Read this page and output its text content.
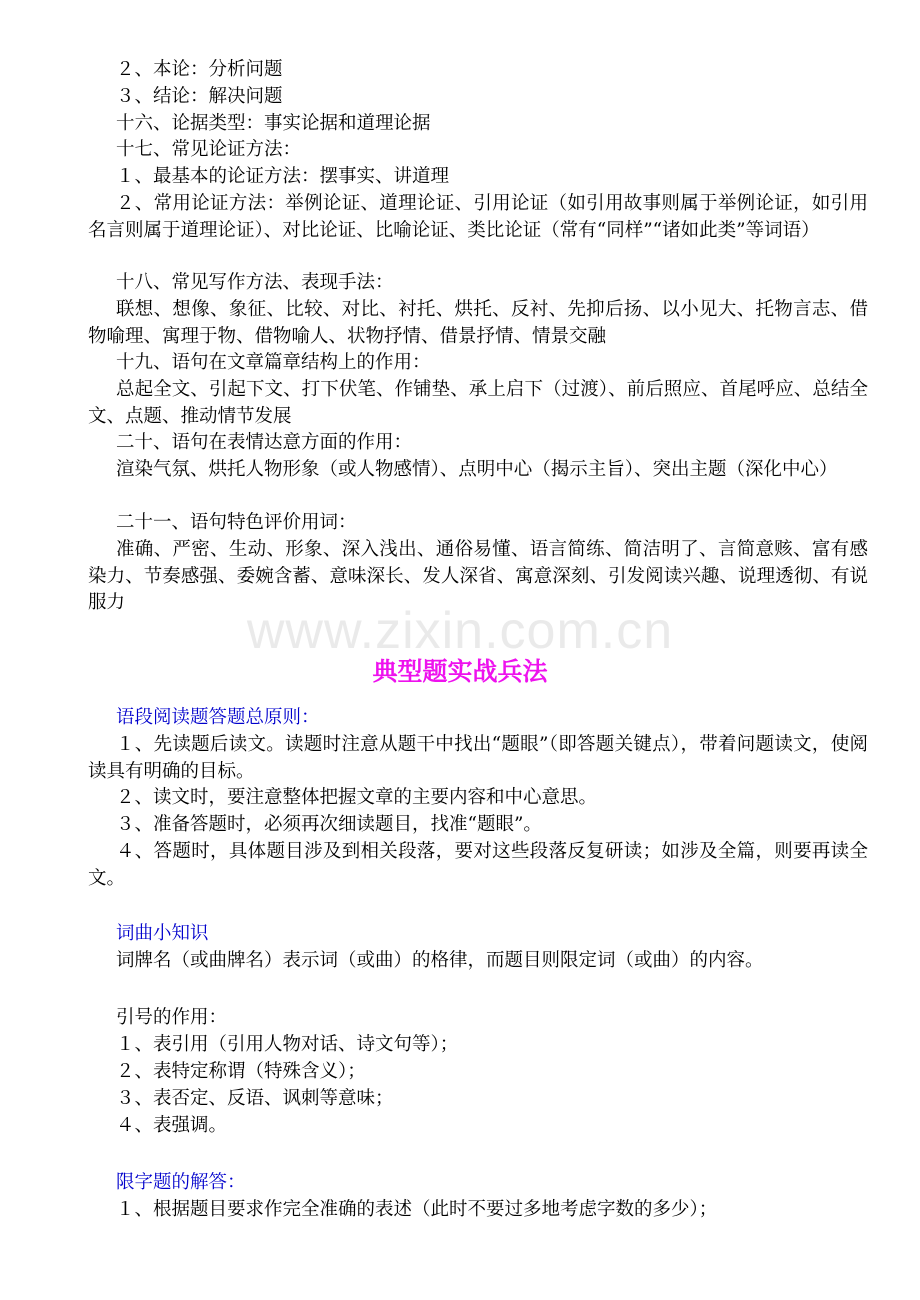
www.zixin.com.cn

２、本论：分析问题

３、结论：解决问题

十六、论据类型：事实论据和道理论据

十七、常见论证方法：

１、最基本的论证方法：摆事实、讲道理

２、常用论证方法：举例论证、道理论证、引用论证（如引用故事则属于举例论证，如引用名言则属于道理论证）、对比论证、比喻论证、类比论证（常有“同样”“诸如此类”等词语）

十八、常见写作方法、表现手法：

联想、想像、象征、比较、对比、衬托、烘托、反衬、先抑后扬、以小见大、托物言志、借物喻理、寓理于物、借物喻人、状物抒情、借景抒情、情景交融

十九、语句在文章篇章结构上的作用：

总起全文、引起下文、打下伏笔、作铺垫、承上启下（过渡）、前后照应、首尾呼应、总结全文、点题、推动情节发展

二十、语句在表情达意方面的作用：

渲染气氛、烘托人物形象（或人物感情）、点明中心（揭示主旨）、突出主题（深化中心）

二十一、语句特色评价用词：

准确、严密、生动、形象、深入浅出、通俗易懂、语言简练、简洁明了、言简意赅、富有感染力、节奏感强、委婉含蓄、意味深长、发人深省、寓意深刻、引发阅读兴趣、说理透彻、有说服力

典型题实战兵法

语段阅读题答题总原则：

１、先读题后读文。读题时注意从题干中找出“题眼”（即答题关键点），带着问题读文，使阅读具有明确的目标。

２、读文时，要注意整体把握文章的主要内容和中心意思。

３、准备答题时，必须再次细读题目，找准“题眼”。

４、答题时，具体题目涉及到相关段落，要对这些段落反复研读；如涉及全篇，则要再读全文。

词曲小知识

词牌名（或曲牌名）表示词（或曲）的格律，而题目则限定词（或曲）的内容。

引号的作用：

１、表引用（引用人物对话、诗文句等）；

２、表特定称谓（特殊含义）；

３、表否定、反语、讽刺等意味；

４、表强调。

限字题的解答：

１、根据题目要求作完全准确的表述（此时不要过多地考虑字数的多少）；
